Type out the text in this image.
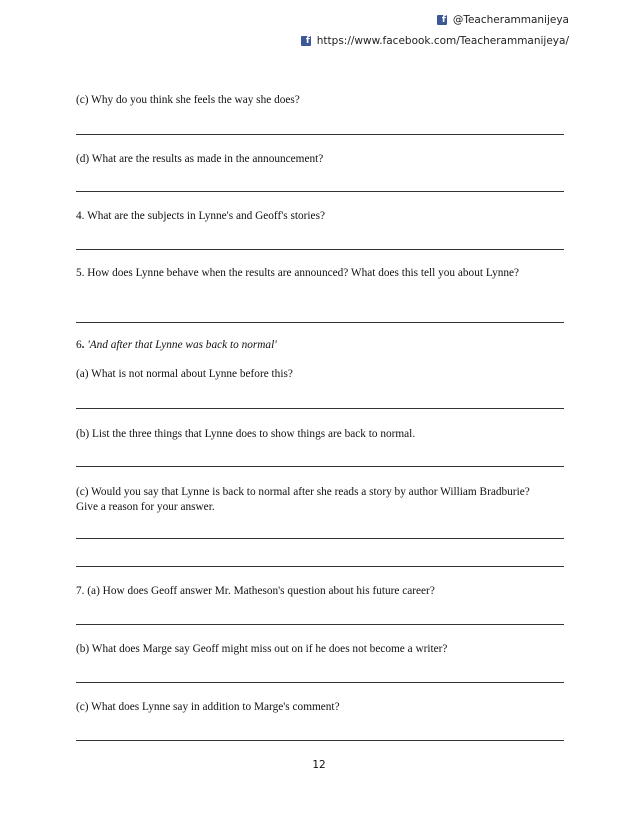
f @Teacherammanijeya
f https://www.facebook.com/Teacherammanijeya/
(c) Why do you think she feels the way she does?
(d) What are the results as made in the announcement?
4. What are the subjects in Lynne's and Geoff's stories?
5. How does Lynne behave when the results are announced? What does this tell you about Lynne?
6. 'And after that Lynne was back to normal'
(a) What is not normal about Lynne before this?
(b) List the three things that Lynne does to show things are back to normal.
(c) Would you say that Lynne is back to normal after she reads a story by author William Bradburie? Give a reason for your answer.
7. (a) How does Geoff answer Mr. Matheson's question about his future career?
(b) What does Marge say Geoff might miss out on if he does not become a writer?
(c) What does Lynne say in addition to Marge's comment?
12
